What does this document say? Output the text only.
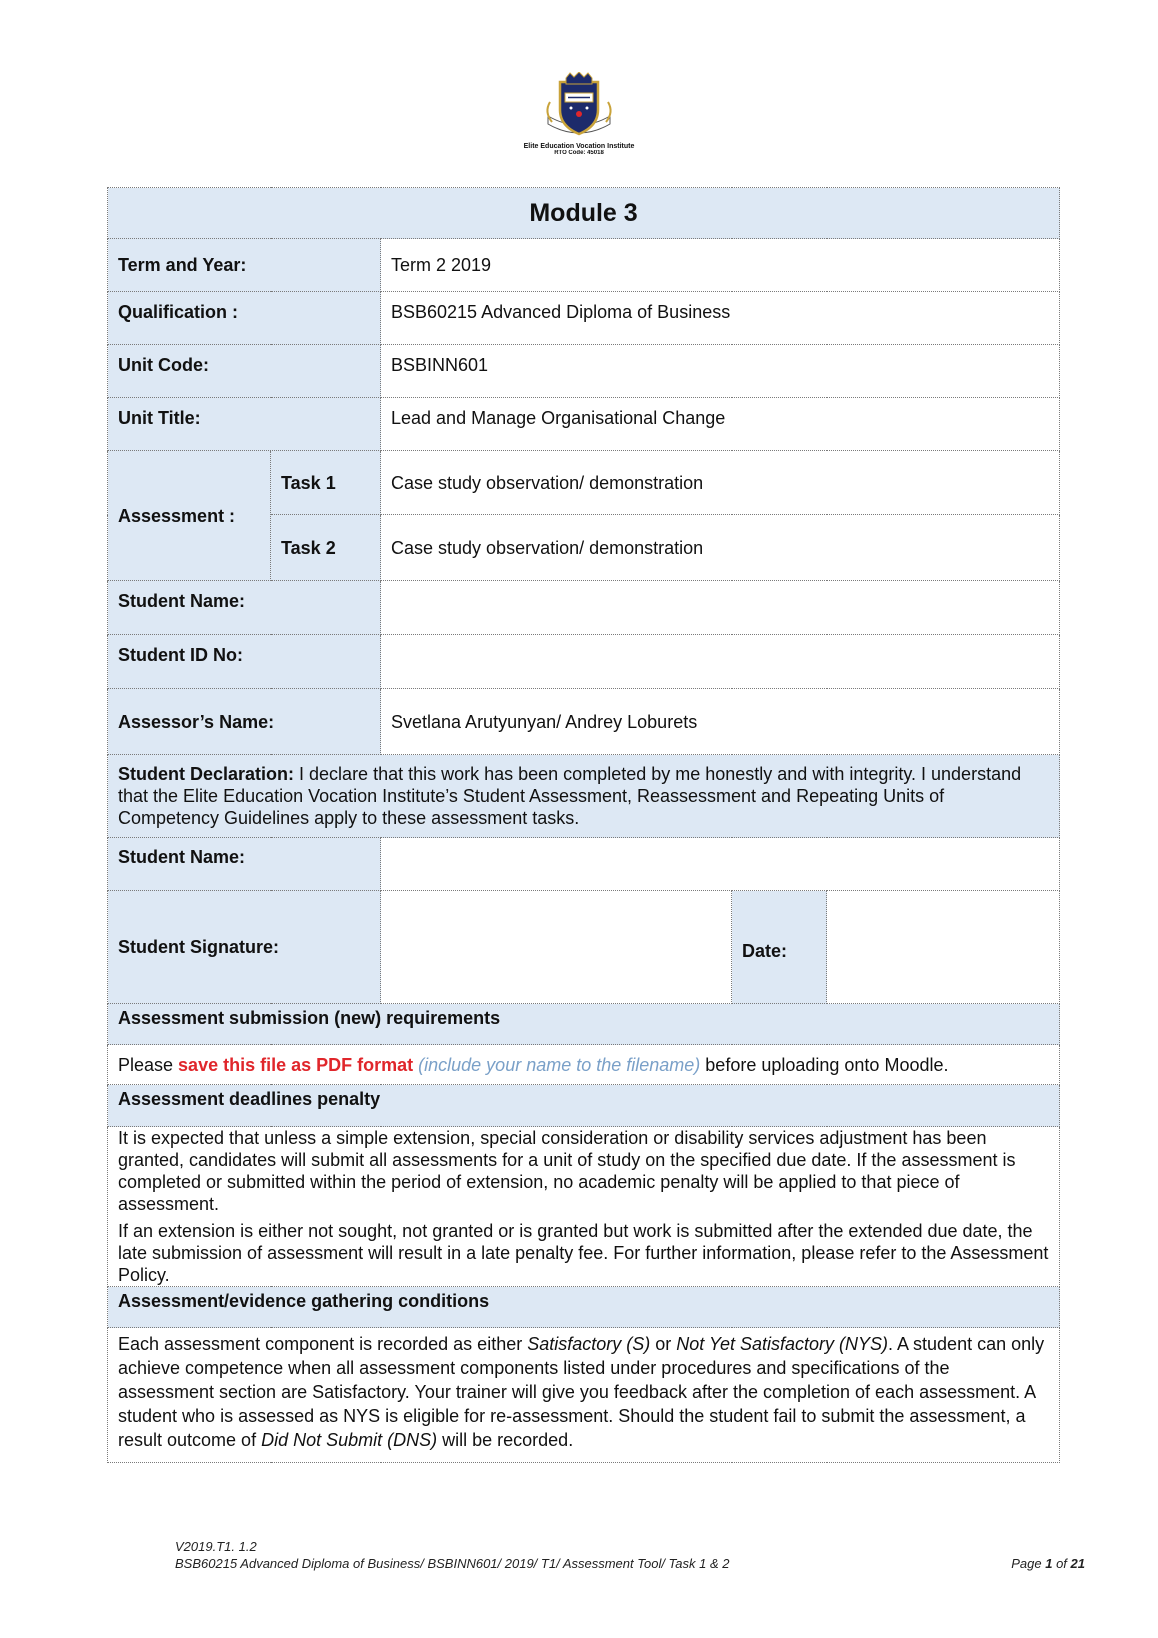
Elite Education Vocation Institute
RTO Code: 45018
Module 3				
Term and Year:		Term 2 2019		
Qualification :		BSB60215 Advanced Diploma of Business		
Unit Code:		BSBINN601		
Unit Title:		Lead and Manage Organisational Change		
Assessment :	Task 1	Case study observation/ demonstration		
	Task 2	Case study observation/ demonstration		
Student Name:				
Student ID No:				
Assessor’s Name:		Svetlana Arutyunyan/ Andrey Loburets		
Student Declaration: I declare that this work has been completed by me honestly and with integrity. I understand that the Elite Education Vocation Institute’s Student Assessment, Reassessment and Repeating Units of Competency Guidelines apply to these assessment tasks.				
Student Name:				
Student Signature:			Date:	
Assessment submission (new) requirements				
Please save this file as PDF format (include your name to the filename) before uploading onto Moodle.				
Assessment deadlines penalty				

It is expected that unless a simple extension, special consideration or disability services adjustment has been granted, candidates will submit all assessments for a unit of study on the specified due date. If the assessment is completed or submitted within the period of extension, no academic penalty will be applied to that piece of assessment.

If an extension is either not sought, not granted or is granted but work is submitted after the extended due date, the late submission of assessment will result in a late penalty fee. For further information, please refer to the Assessment Policy.				

Assessment/evidence gathering conditions				
Each assessment component is recorded as either Satisfactory (S) or Not Yet Satisfactory (NYS). A student can only achieve competence when all assessment components listed under procedures and specifications of the assessment section are Satisfactory. Your trainer will give you feedback after the completion of each assessment. A student who is assessed as NYS is eligible for re-assessment. Should the student fail to submit the assessment, a result outcome of Did Not Submit (DNS) will be recorded.				
V2019.T1. 1.2
BSB60215 Advanced Diploma of Business/ BSBINN601/ 2019/ T1/ Assessment Tool/ Task 1 & 2	Page 1 of 21
